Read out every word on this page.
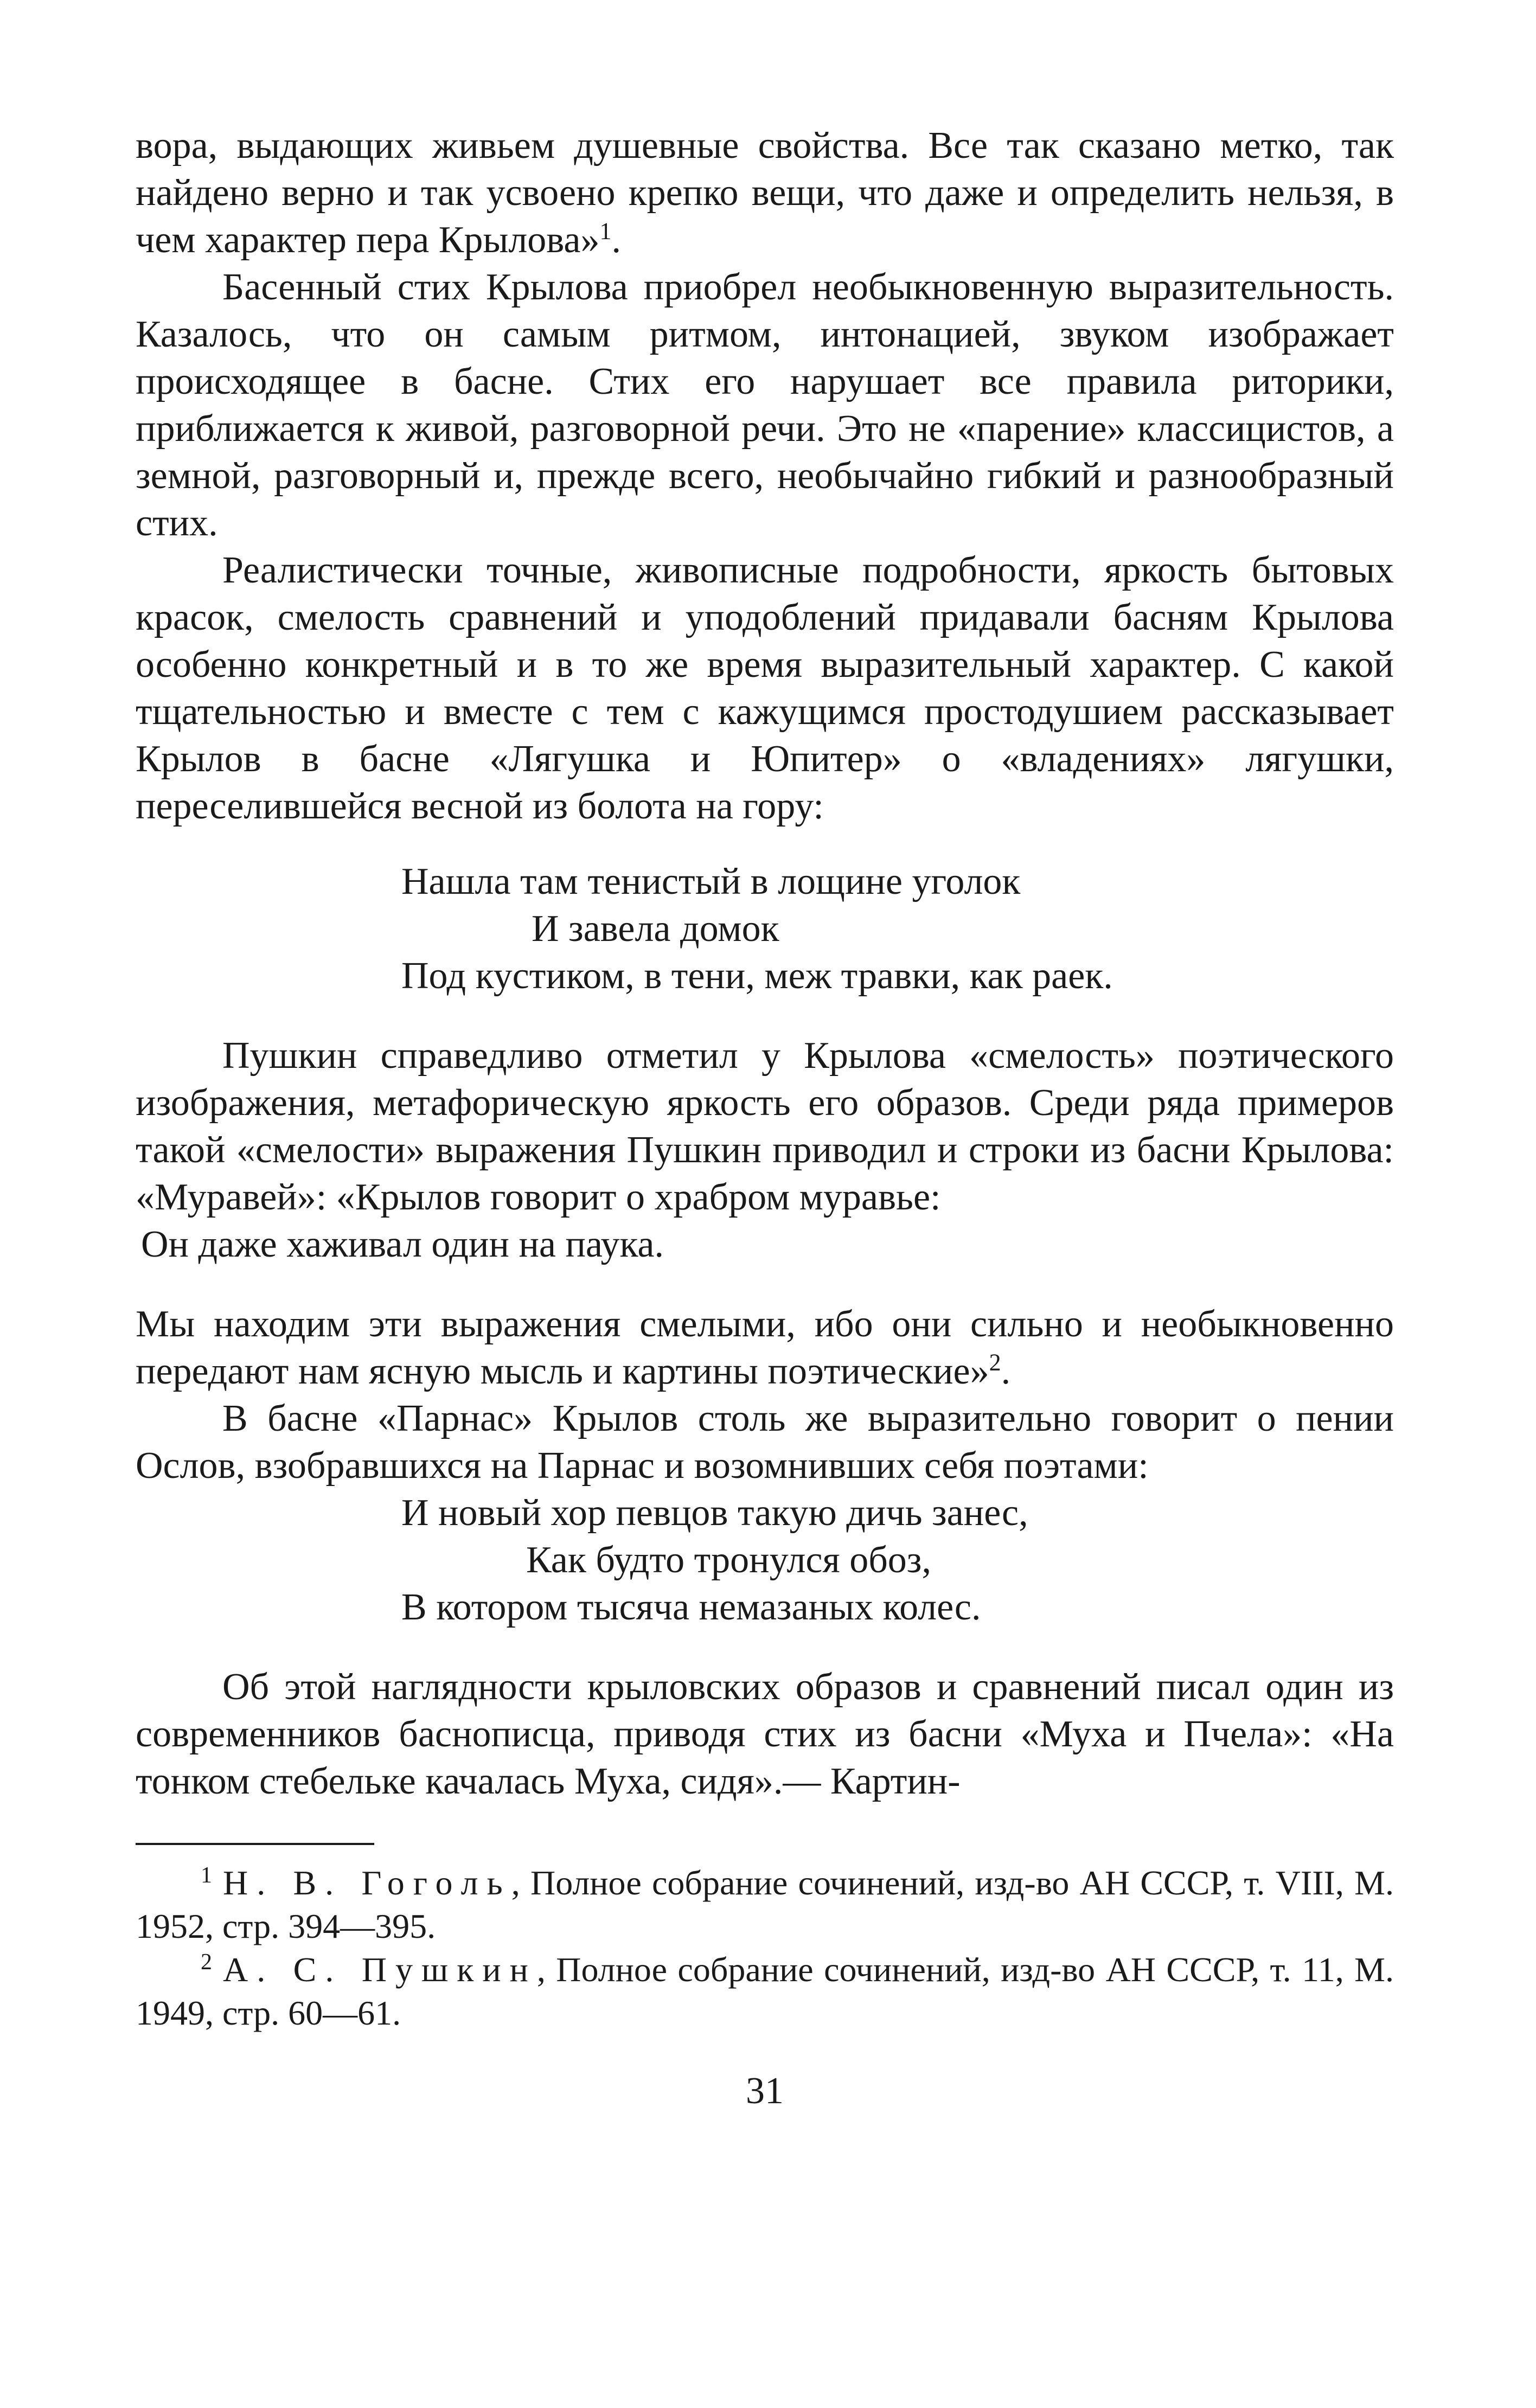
вора, выдающих живьем душевные свойства. Все так сказано метко, так найдено верно и так усвоено крепко вещи, что даже и определить нельзя, в чем характер пера Крылова»$^1$.

Басенный стих Крылова приобрел необыкновенную выразительность. Казалось, что он самым ритмом, интонацией, звуком изображает происходящее в басне. Стих его нарушает все правила риторики, приближается к живой, разговорной речи. Это не «парение» классицистов, а земной, разговорный и, прежде всего, необычайно гибкий и разнообразный стих.

Реалистически точные, живописные подробности, яркость бытовых красок, смелость сравнений и уподоблений придавали басням Крылова особенно конкретный и в то же время выразительный характер. С какой тщательностью и вместе с тем с кажущимся простодушием рассказывает Крылов в басне «Лягушка и Юпитер» о «владениях» лягушки, переселившейся весной из болота на гору:

Нашла там тенистый в лощине уголок
И завела домок
Под кустиком, в тени, меж травки, как раек.

Пушкин справедливо отметил у Крылова «смелость» поэтического изображения, метафорическую яркость его образов. Среди ряда примеров такой «смелости» выражения Пушкин приводил и строки из басни Крылова: «Муравей»: «Крылов говорит о храбром муравье:

Он даже хаживал один на паука.

Мы находим эти выражения смелыми, ибо они сильно и необыкновенно передают нам ясную мысль и картины поэтические»$^2$.

В басне «Парнас» Крылов столь же выразительно говорит о пении Ослов, взобравшихся на Парнас и возомнивших себя поэтами:

И новый хор певцов такую дичь занес,
Как будто тронулся обоз,
В котором тысяча немазаных колес.

Об этой наглядности крыловских образов и сравнений писал один из современников баснописца, приводя стих из басни «Муха и Пчела»: «На тонком стебельке качалась Муха, сидя».— Картин-

$^1$ Н. В. Гоголь, Полное собрание сочинений, изд-во АН СССР, т. VIII, М. 1952, стр. 394—395.

$^2$ А. С. Пушкин, Полное собрание сочинений, изд-во АН СССР, т. 11, М. 1949, стр. 60—61.

31
